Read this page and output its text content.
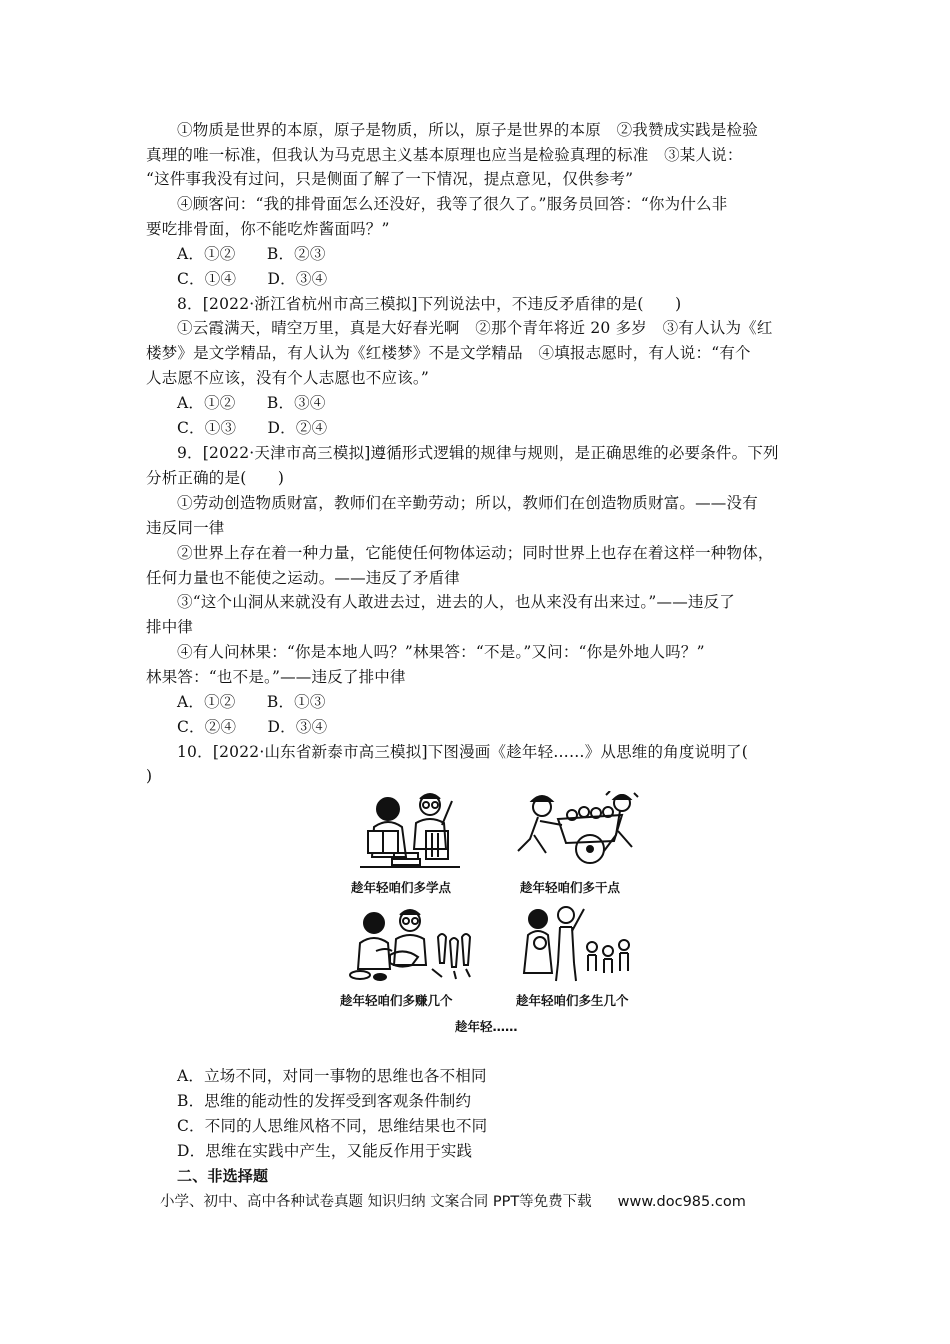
①物质是世界的本原，原子是物质，所以，原子是世界的本原　②我赞成实践是检验
真理的唯一标准，但我认为马克思主义基本原理也应当是检验真理的标准　③某人说：
“这件事我没有过问，只是侧面了解了一下情况，提点意见，仅供参考”
④顾客问：“我的排骨面怎么还没好，我等了很久了。”服务员回答：“你为什么非
要吃排骨面，你不能吃炸酱面吗？”
A．①②　　B．②③
C．①④　　D．③④
8．[2022·浙江省杭州市高三模拟]下列说法中，不违反矛盾律的是(　　)
①云霞满天，晴空万里，真是大好春光啊　②那个青年将近 20 多岁　③有人认为《红
楼梦》是文学精品，有人认为《红楼梦》不是文学精品　④填报志愿时，有人说：“有个
人志愿不应该，没有个人志愿也不应该。”
A．①②　　B．③④
C．①③　　D．②④
9．[2022·天津市高三模拟]遵循形式逻辑的规律与规则，是正确思维的必要条件。下列
分析正确的是(　　)
①劳动创造物质财富，教师们在辛勤劳动；所以，教师们在创造物质财富。——没有
违反同一律
②世界上存在着一种力量，它能使任何物体运动；同时世界上也存在着这样一种物体，
任何力量也不能使之运动。——违反了矛盾律
③“这个山洞从来就没有人敢进去过，进去的人，也从来没有出来过。”——违反了
排中律
④有人问林果：“你是本地人吗？”林果答：“不是。”又问：“你是外地人吗？”
林果答：“也不是。”——违反了排中律
A．①②　　B．①③
C．②④　　D．③④
10．[2022·山东省新泰市高三模拟]下图漫画《趁年轻……》从思维的角度说明了(
)
趁年轻咱们多学点	趁年轻咱们多干点
趁年轻咱们多赚几个	趁年轻咱们多生几个
趁年轻……
A．立场不同，对同一事物的思维也各不相同
B．思维的能动性的发挥受到客观条件制约
C．不同的人思维风格不同，思维结果也不同
D．思维在实践中产生，又能反作用于实践
二、非选择题
小学、初中、高中各种试卷真题 知识归纳 文案合同 PPT等免费下载 www.doc985.com
